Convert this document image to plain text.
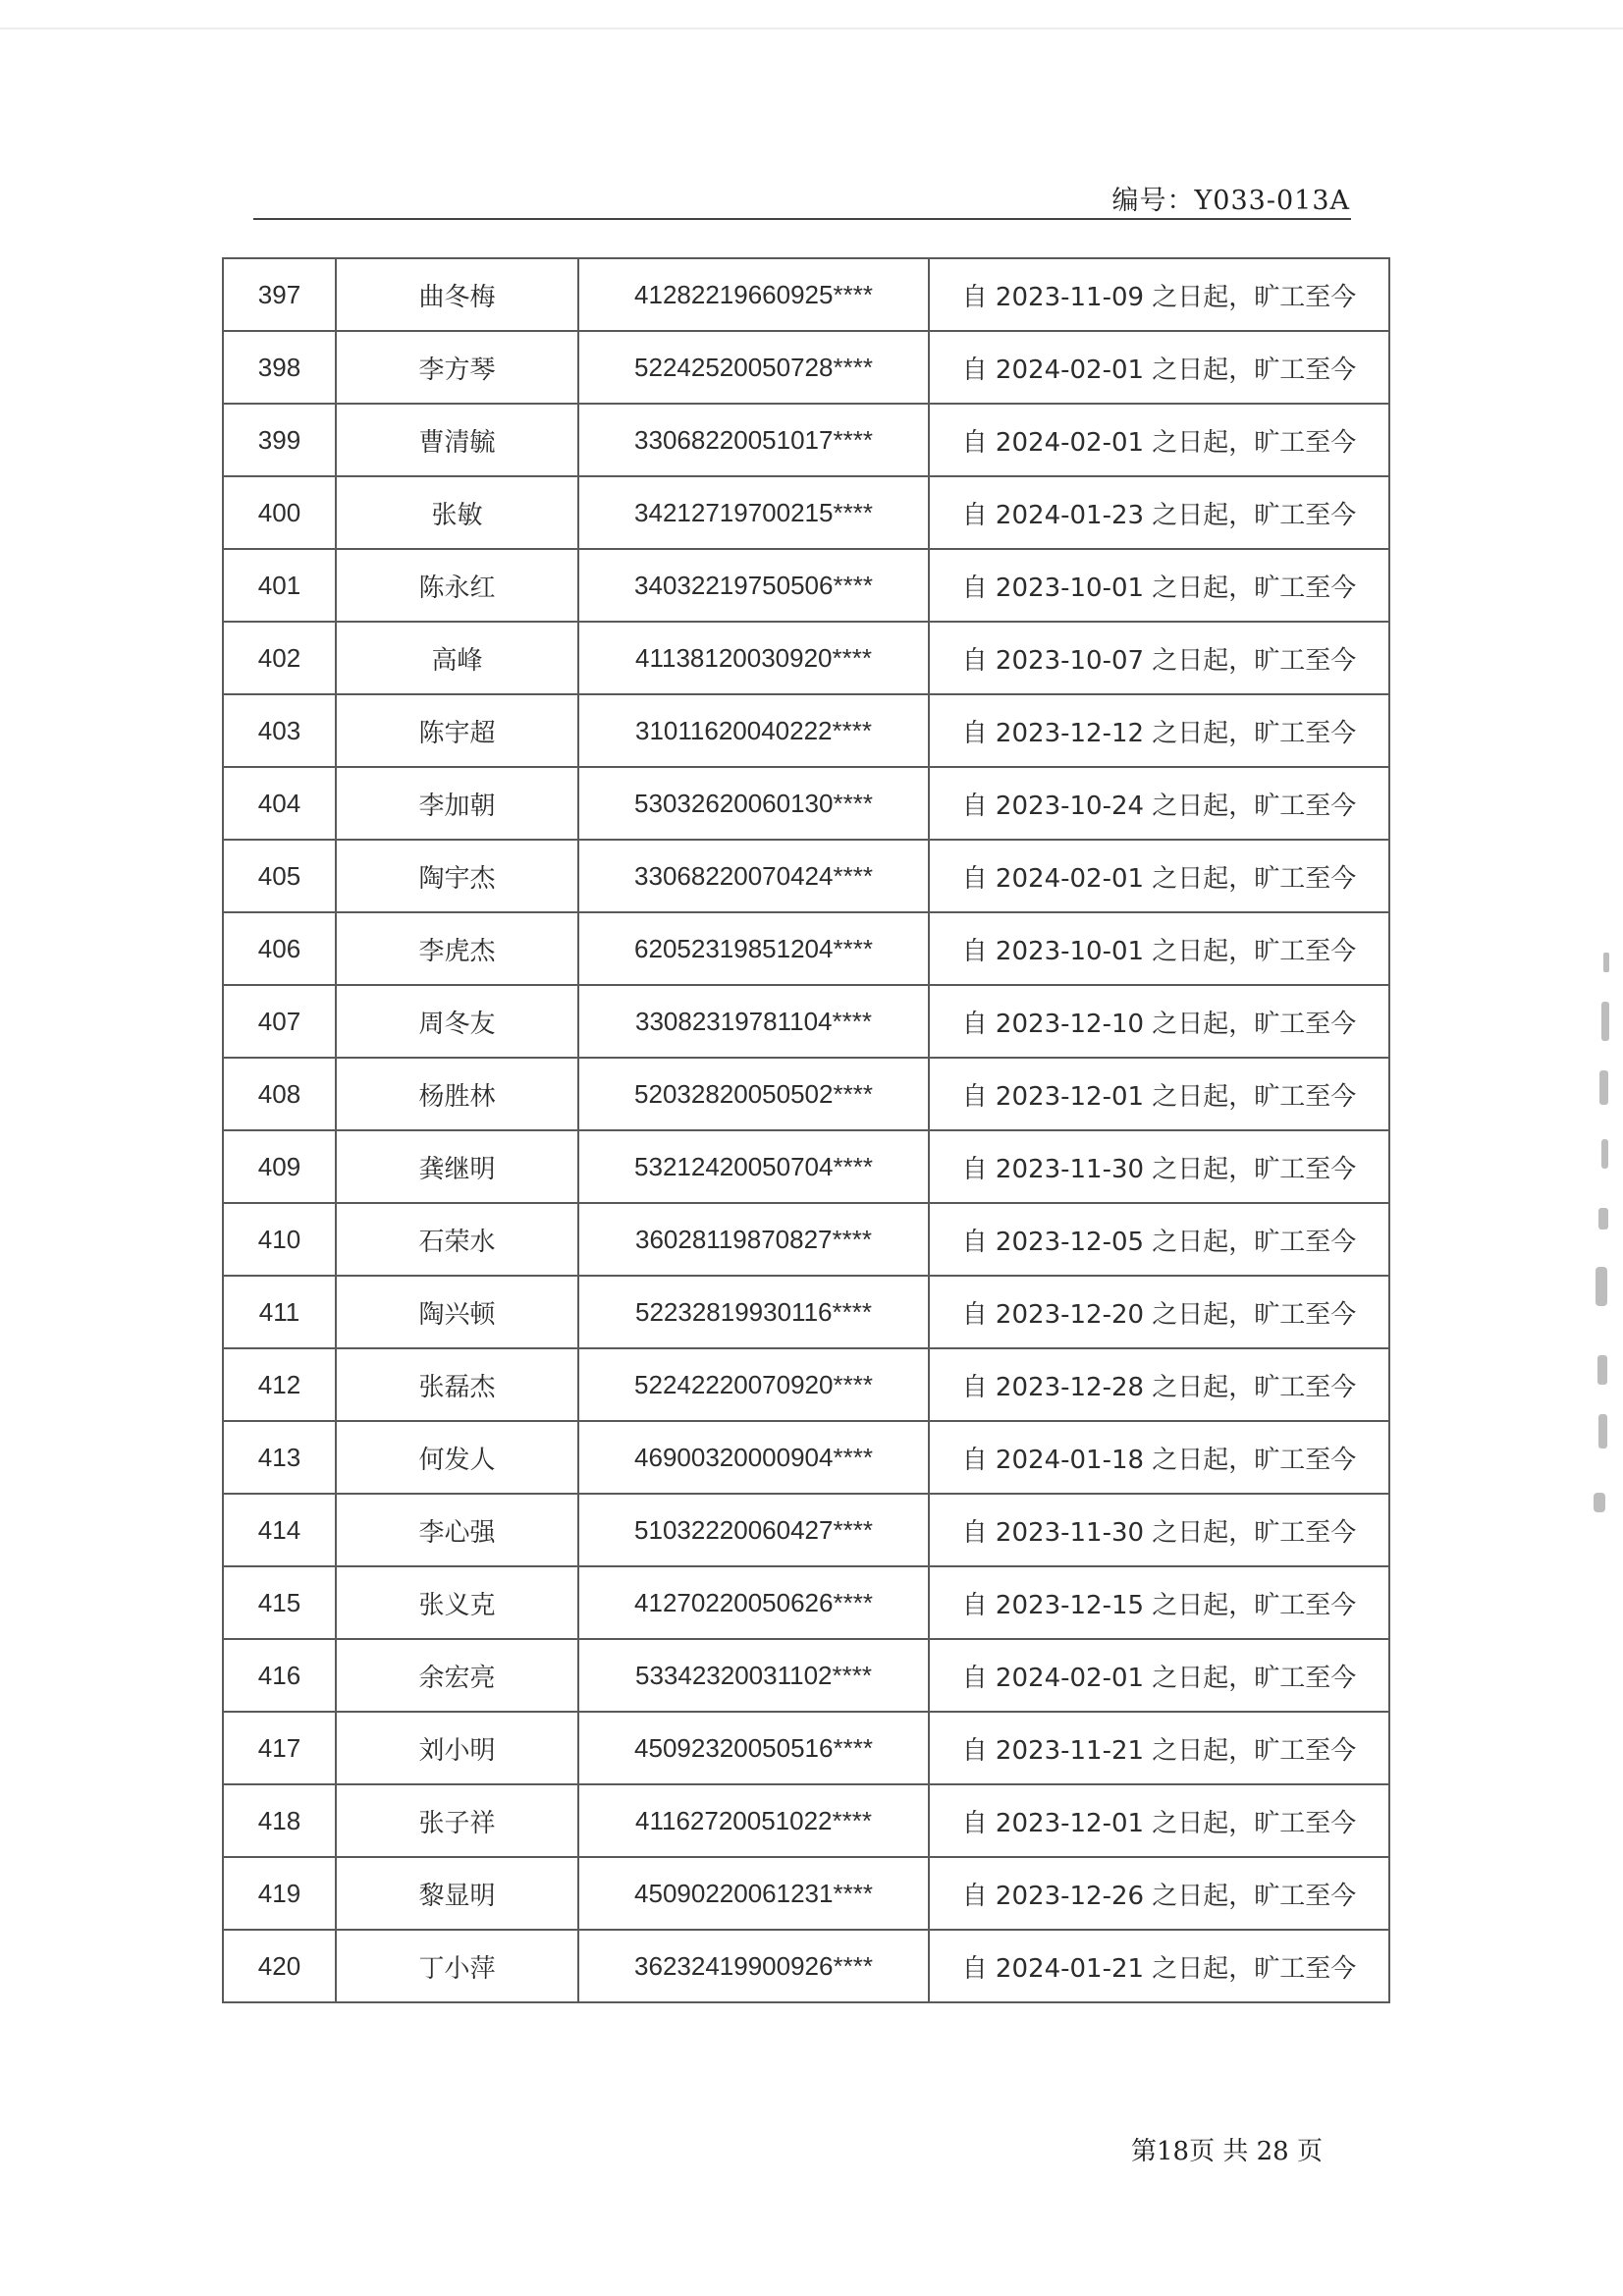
编号：Y033-013A
397	曲冬梅	41282219660925****	自 2023-11-09 之日起，旷工至今
398	李方琴	52242520050728****	自 2024-02-01 之日起，旷工至今
399	曹清毓	33068220051017****	自 2024-02-01 之日起，旷工至今
400	张敏	34212719700215****	自 2024-01-23 之日起，旷工至今
401	陈永红	34032219750506****	自 2023-10-01 之日起，旷工至今
402	高峰	41138120030920****	自 2023-10-07 之日起，旷工至今
403	陈宇超	31011620040222****	自 2023-12-12 之日起，旷工至今
404	李加朝	53032620060130****	自 2023-10-24 之日起，旷工至今
405	陶宇杰	33068220070424****	自 2024-02-01 之日起，旷工至今
406	李虎杰	62052319851204****	自 2023-10-01 之日起，旷工至今
407	周冬友	33082319781104****	自 2023-12-10 之日起，旷工至今
408	杨胜林	52032820050502****	自 2023-12-01 之日起，旷工至今
409	龚继明	53212420050704****	自 2023-11-30 之日起，旷工至今
410	石荣水	36028119870827****	自 2023-12-05 之日起，旷工至今
411	陶兴顿	52232819930116****	自 2023-12-20 之日起，旷工至今
412	张磊杰	52242220070920****	自 2023-12-28 之日起，旷工至今
413	何发人	46900320000904****	自 2024-01-18 之日起，旷工至今
414	李心强	51032220060427****	自 2023-11-30 之日起，旷工至今
415	张义克	41270220050626****	自 2023-12-15 之日起，旷工至今
416	余宏亮	53342320031102****	自 2024-02-01 之日起，旷工至今
417	刘小明	45092320050516****	自 2023-11-21 之日起，旷工至今
418	张子祥	41162720051022****	自 2023-12-01 之日起，旷工至今
419	黎显明	45090220061231****	自 2023-12-26 之日起，旷工至今
420	丁小萍	36232419900926****	自 2024-01-21 之日起，旷工至今
第18页 共 28 页
